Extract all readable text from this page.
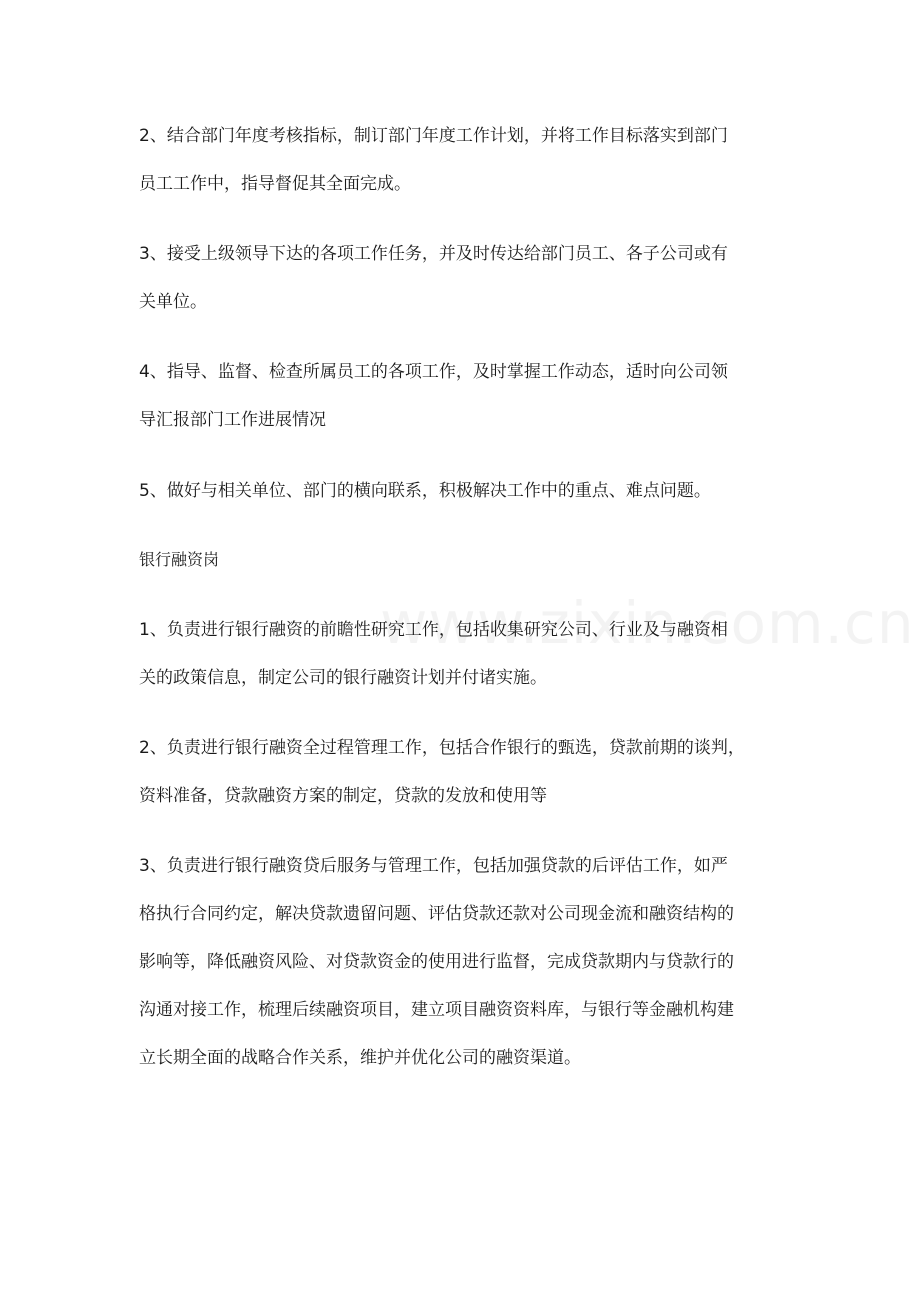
2、结合部门年度考核指标，制订部门年度工作计划，并将工作目标落实到部门

员工工作中，指导督促其全面完成。

3、接受上级领导下达的各项工作任务，并及时传达给部门员工、各子公司或有

关单位。

4、指导、监督、检查所属员工的各项工作，及时掌握工作动态，适时向公司领

导汇报部门工作进展情况

5、做好与相关单位、部门的横向联系，积极解决工作中的重点、难点问题。

银行融资岗

1、负责进行银行融资的前瞻性研究工作，包括收集研究公司、行业及与融资相

关的政策信息，制定公司的银行融资计划并付诸实施。

2、负责进行银行融资全过程管理工作，包括合作银行的甄选，贷款前期的谈判，

资料准备，贷款融资方案的制定，贷款的发放和使用等

3、负责进行银行融资贷后服务与管理工作，包括加强贷款的后评估工作，如严

格执行合同约定，解决贷款遗留问题、评估贷款还款对公司现金流和融资结构的

影响等，降低融资风险、对贷款资金的使用进行监督，完成贷款期内与贷款行的

沟通对接工作，梳理后续融资项目，建立项目融资资料库，与银行等金融机构建

立长期全面的战略合作关系，维护并优化公司的融资渠道。
